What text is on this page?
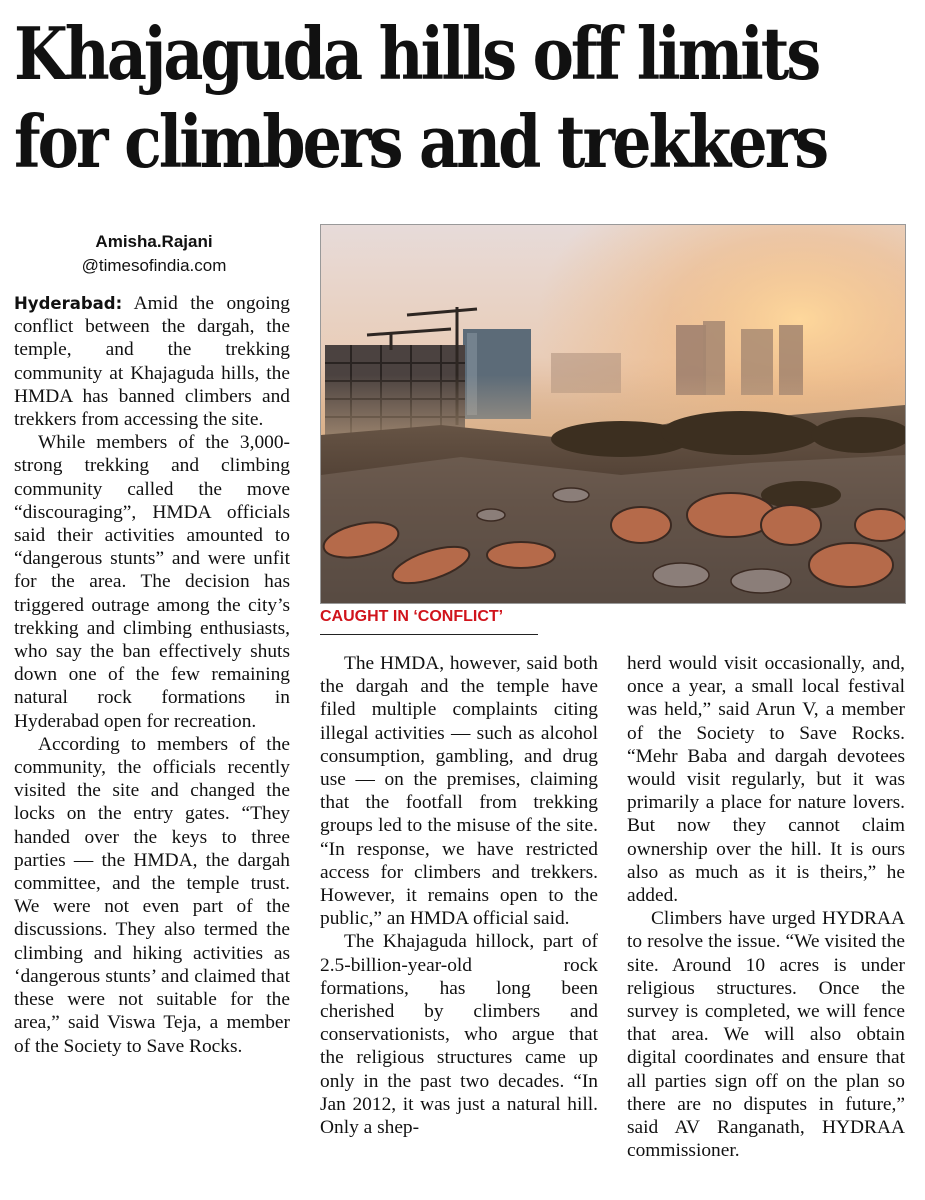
Khajaguda hills off limits
for climbers and trekkers
Amisha.Rajani
@timesofindia.com
CAUGHT IN ‘CONFLICT’

Hyderabad: Amid the ongoing conflict between the dargah, the temple, and the trekking community at Khajaguda hills, the HMDA has banned climbers and trekkers from accessing the site.

While members of the 3,000-strong trekking and climbing community called the move “discouraging”, HMDA officials said their activities amounted to “dangerous stunts” and were unfit for the area. The decision has triggered outrage among the city’s trekking and climbing enthusiasts, who say the ban effectively shuts down one of the few remaining natural rock formations in Hyderabad open for recreation.

According to members of the community, the officials recently visited the site and changed the locks on the entry gates. “They handed over the keys to three parties — the HMDA, the dargah committee, and the temple trust. We were not even part of the discussions. They also termed the climbing and hiking activities as ‘dangerous stunts’ and claimed that these were not suitable for the area,” said Viswa Teja, a member of the Society to Save Rocks.

The HMDA, however, said both the dargah and the temple have filed multiple complaints citing illegal activities — such as alcohol consumption, gambling, and drug use — on the premises, claiming that the footfall from trekking groups led to the misuse of the site. “In response, we have restricted access for climbers and trekkers. However, it remains open to the public,” an HMDA official said.

The Khajaguda hillock, part of 2.5-billion-year-old rock formations, has long been cherished by climbers and conservationists, who argue that the religious structures came up only in the past two decades. “In Jan 2012, it was just a natural hill. Only a shep-

herd would visit occasionally, and, once a year, a small local festival was held,” said Arun V, a member of the Society to Save Rocks. “Mehr Baba and dargah devotees would visit regularly, but it was primarily a place for nature lovers. But now they cannot claim ownership over the hill. It is ours also as much as it is theirs,” he added.

Climbers have urged HYDRAA to resolve the issue. “We visited the site. Around 10 acres is under religious structures. Once the survey is completed, we will fence that area. We will also obtain digital coordinates and ensure that all parties sign off on the plan so there are no disputes in future,” said AV Ranganath, HYDRAA commissioner.
